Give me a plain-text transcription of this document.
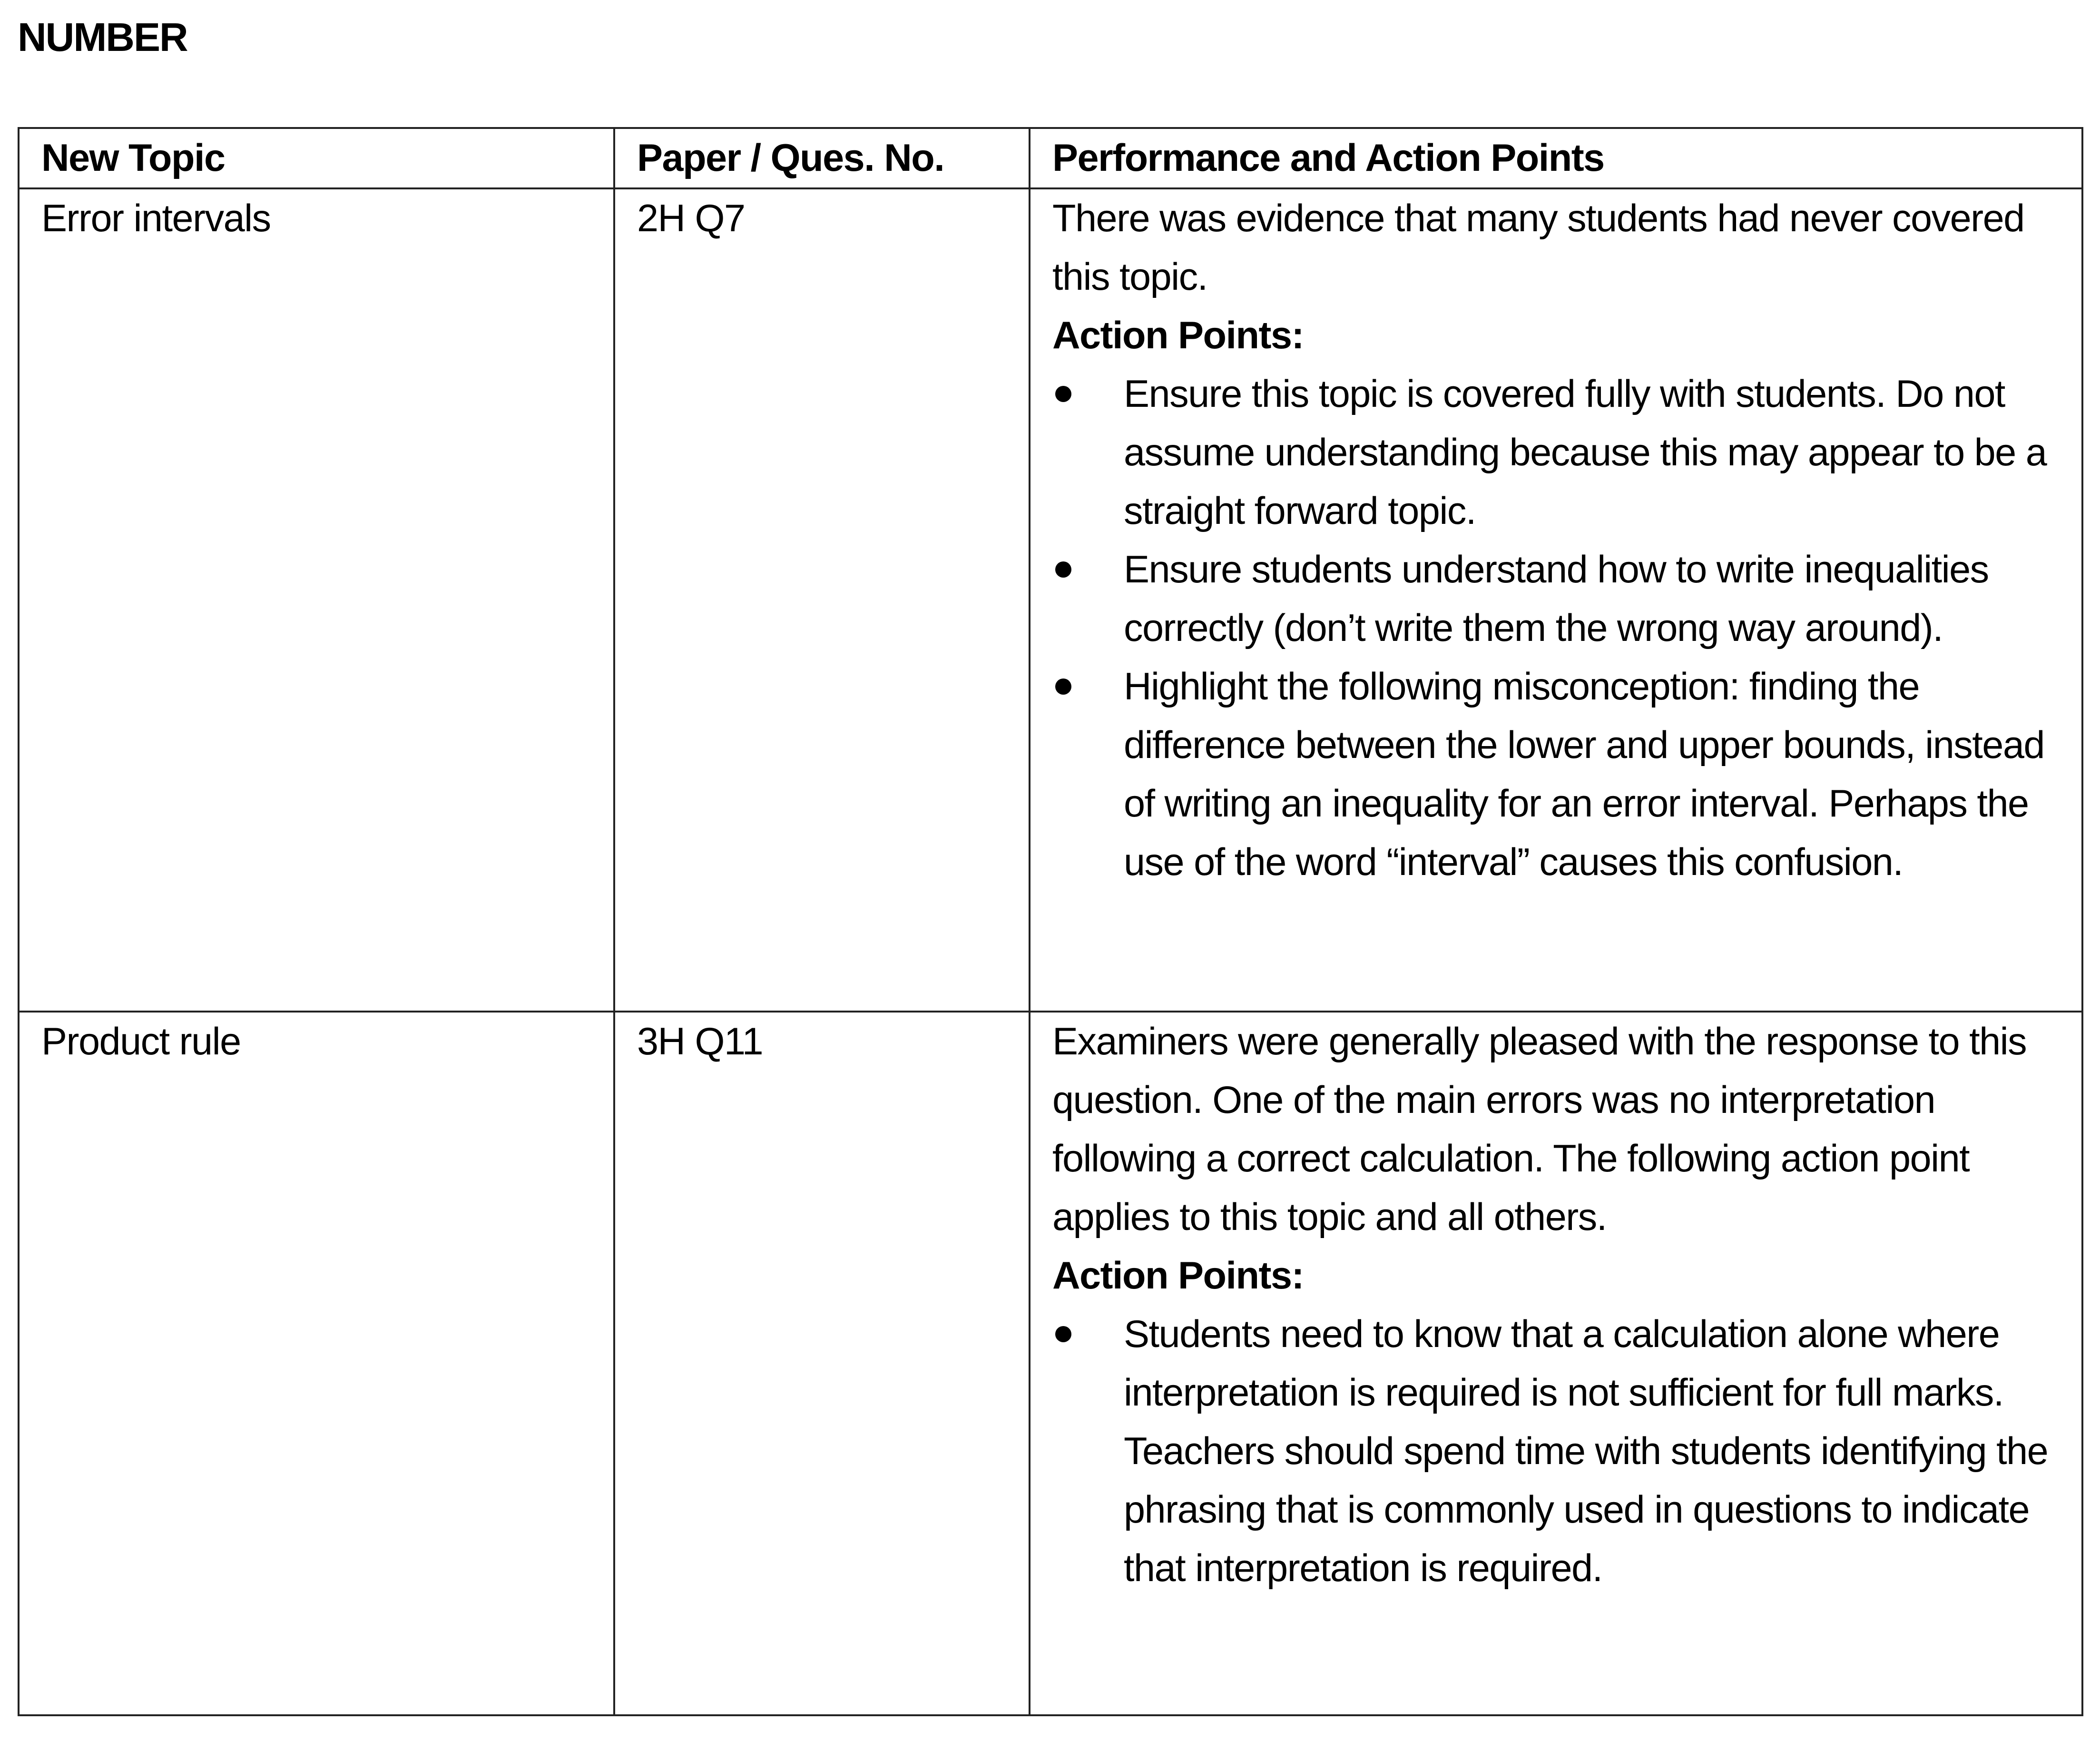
NUMBER
New Topic	Paper / Ques. No.	Performance and Action Points
Error intervals	2H Q7	There was evidence that many students had never covered this topic.
Action Points:
Ensure this topic is covered fully with students. Do not assume understanding because this may appear to be a straight forward topic.
Ensure students understand how to write inequalities correctly (don’t write them the wrong way around).
Highlight the following misconception: finding the difference between the lower and upper bounds, instead of writing an inequality for an error interval. Perhaps the use of the word “interval” causes this confusion.

Product rule	3H Q11	Examiners were generally pleased with the response to this question. One of the main errors was no interpretation following a correct calculation. The following action point applies to this topic and all others.
Action Points:
Students need to know that a calculation alone where interpretation is required is not sufficient for full marks. Teachers should spend time with students identifying the phrasing that is commonly used in questions to indicate that interpretation is required.
